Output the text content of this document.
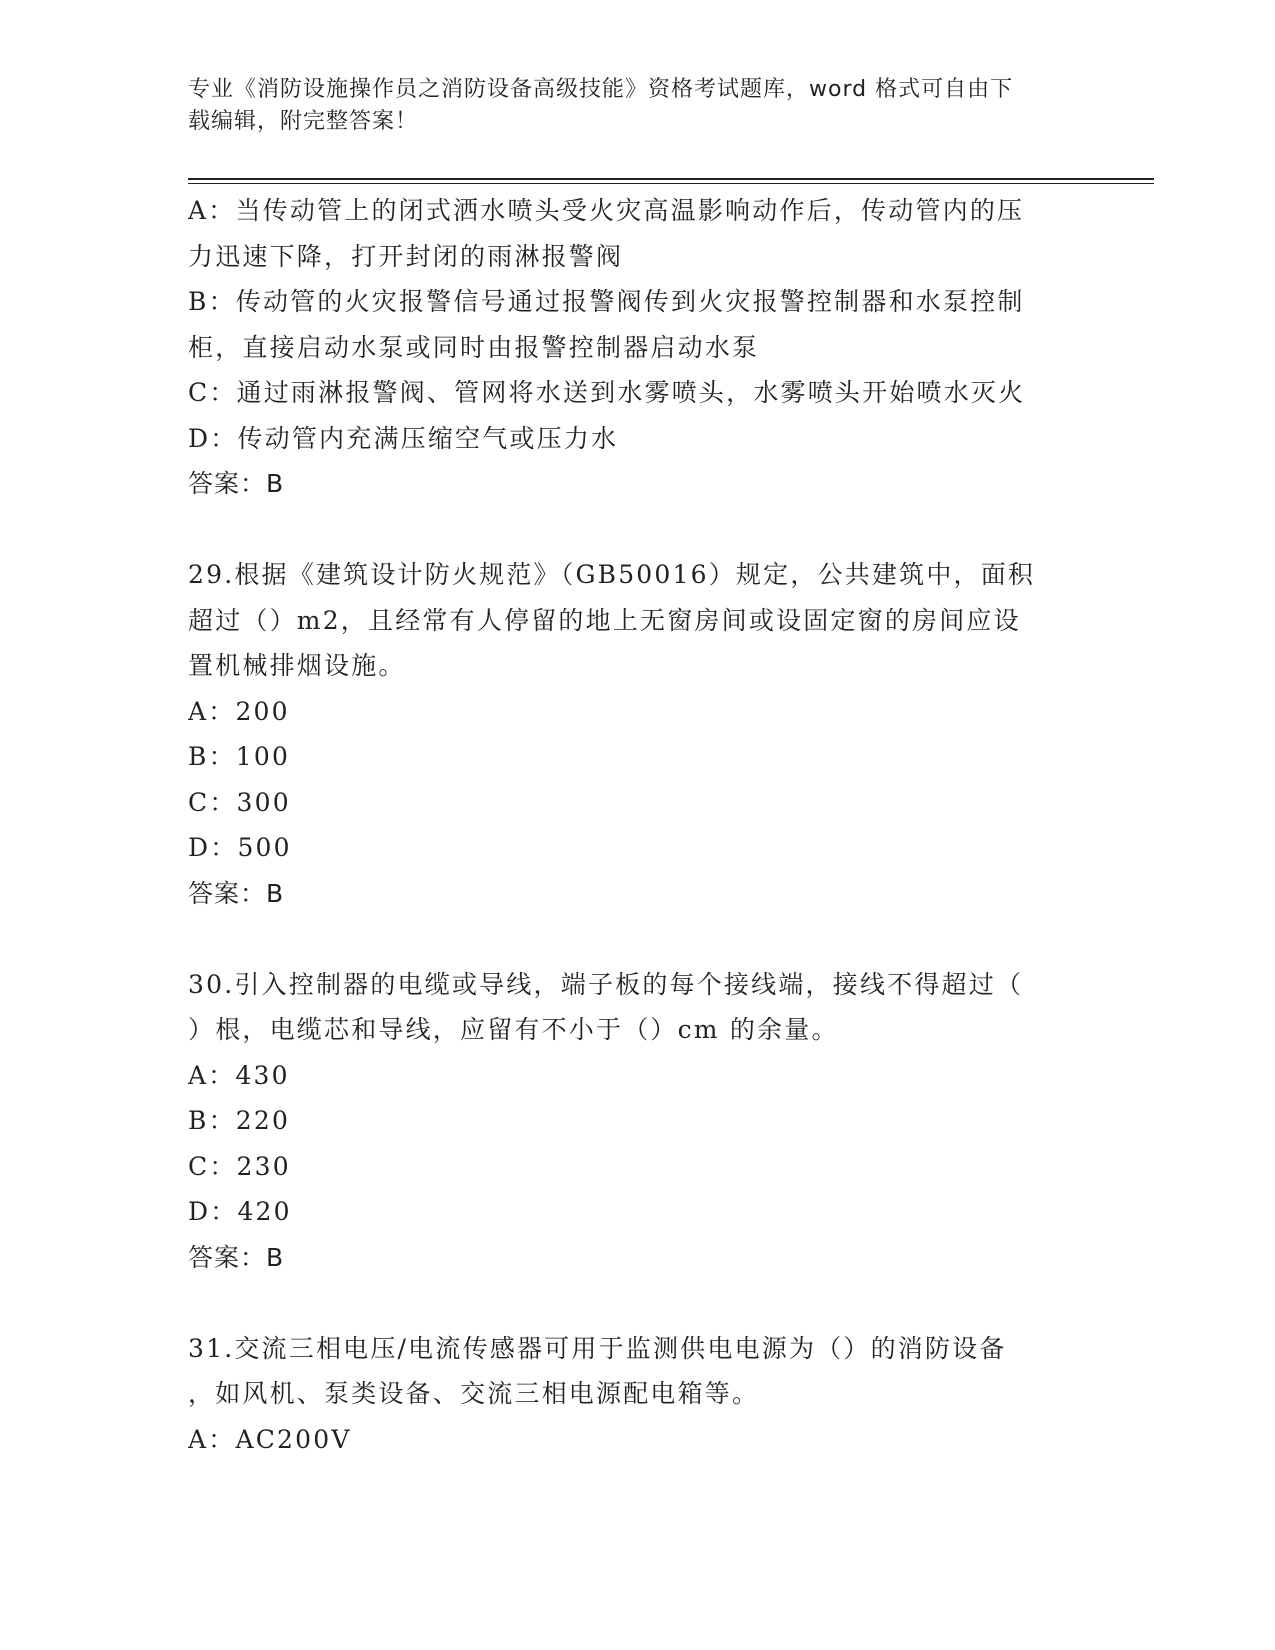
专业《消防设施操作员之消防设备高级技能》资格考试题库，word 格式可自由下
载编辑，附完整答案！
A：当传动管上的闭式洒水喷头受火灾高温影响动作后，传动管内的压
力迅速下降，打开封闭的雨淋报警阀
B：传动管的火灾报警信号通过报警阀传到火灾报警控制器和水泵控制
柜，直接启动水泵或同时由报警控制器启动水泵
C：通过雨淋报警阀、管网将水送到水雾喷头，水雾喷头开始喷水灭火
D：传动管内充满压缩空气或压力水
答案：B
29.根据《建筑设计防火规范》（GB50016）规定，公共建筑中，面积
超过（）m2，且经常有人停留的地上无窗房间或设固定窗的房间应设
置机械排烟设施。
A：200
B：100
C：300
D：500
答案：B
30.引入控制器的电缆或导线，端子板的每个接线端，接线不得超过（
）根，电缆芯和导线，应留有不小于（）cm 的余量。
A：430
B：220
C：230
D：420
答案：B
31.交流三相电压/电流传感器可用于监测供电电源为（）的消防设备
，如风机、泵类设备、交流三相电源配电箱等。
A：AC200V
